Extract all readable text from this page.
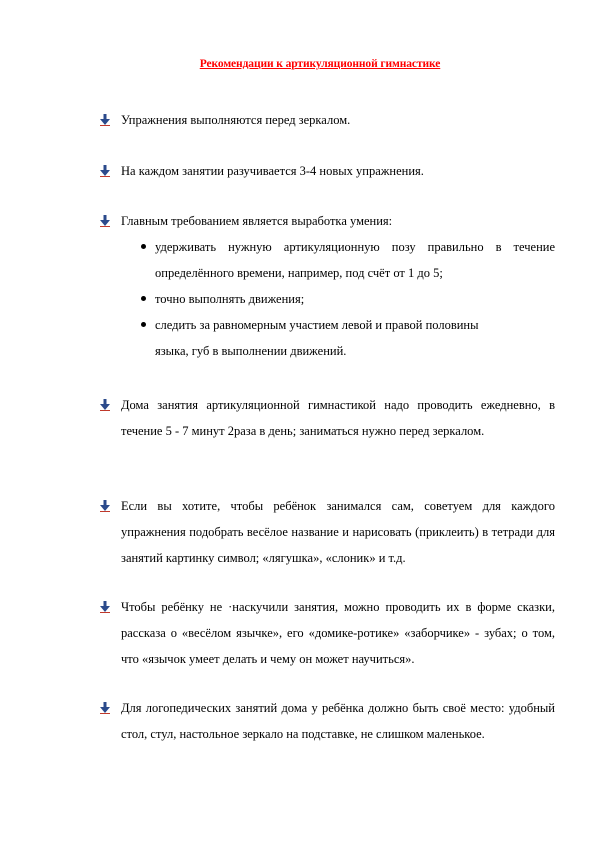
Рекомендации к артикуляционной гимнастике

Упражнения выполняются перед зеркалом.

На каждом занятии разучивается 3-4 новых упражнения.

Главным требованием является выработка умения:

удерживать нужную артикуляционную позу правильно в течение определённого времени, например, под счёт от 1 до 5;
точно выполнять движения;
следить за равномерным участием левой и правой половины языка, губ в выполнении движений.

Дома занятия артикуляционной гимнастикой надо проводить ежедневно, в течение 5 - 7 минут 2раза в день; заниматься нужно перед зеркалом.

Если вы хотите, чтобы ребёнок занимался сам, советуем для каждого упражнения подобрать весёлое название и нарисовать (приклеить) в тетради для занятий картинку символ; «лягушка», «слоник» и т.д.

Чтобы ребёнку не ·наскучили занятия, можно проводить их в форме сказки, рассказа о «весёлом язычке», его «домике-ротике» «заборчике» - зубах; о том, что «язычок умеет делать и чему он может научиться».

Для логопедических занятий дома у ребёнка должно быть своё место: удобный стол, стул, настольное зеркало на подставке, не слишком маленькое.
